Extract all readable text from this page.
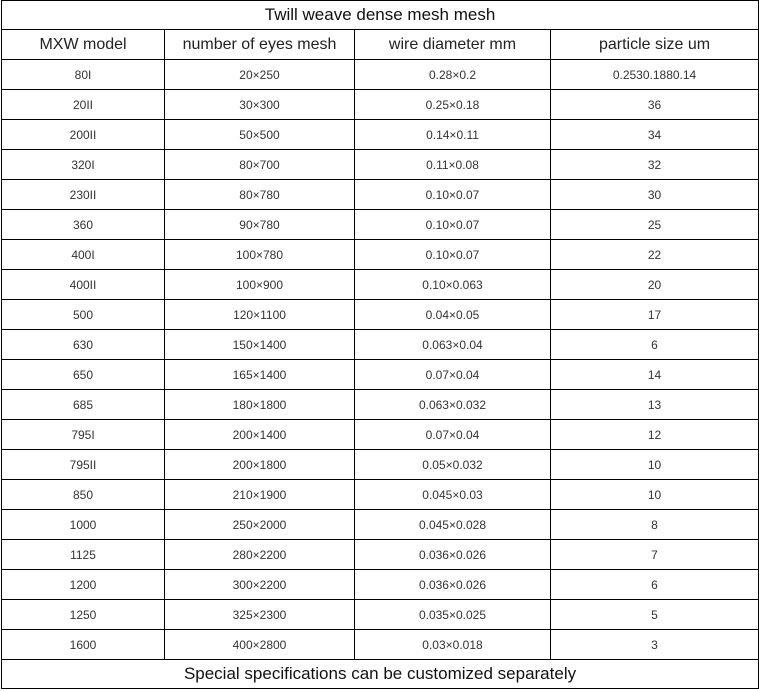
Twill weave dense mesh mesh			
MXW model	number of eyes mesh	wire diameter mm	particle size um
80I	20×250	0.28×0.2	0.2530.1880.14
20II	30×300	0.25×0.18	36
200II	50×500	0.14×0.11	34
320I	80×700	0.11×0.08	32
230II	80×780	0.10×0.07	30
360	90×780	0.10×0.07	25
400I	100×780	0.10×0.07	22
400II	100×900	0.10×0.063	20
500	120×1100	0.04×0.05	17
630	150×1400	0.063×0.04	6
650	165×1400	0.07×0.04	14
685	180×1800	0.063×0.032	13
795I	200×1400	0.07×0.04	12
795II	200×1800	0.05×0.032	10
850	210×1900	0.045×0.03	10
1000	250×2000	0.045×0.028	8
1125	280×2200	0.036×0.026	7
1200	300×2200	0.036×0.026	6
1250	325×2300	0.035×0.025	5
1600	400×2800	0.03×0.018	3
Special specifications can be customized separately			
